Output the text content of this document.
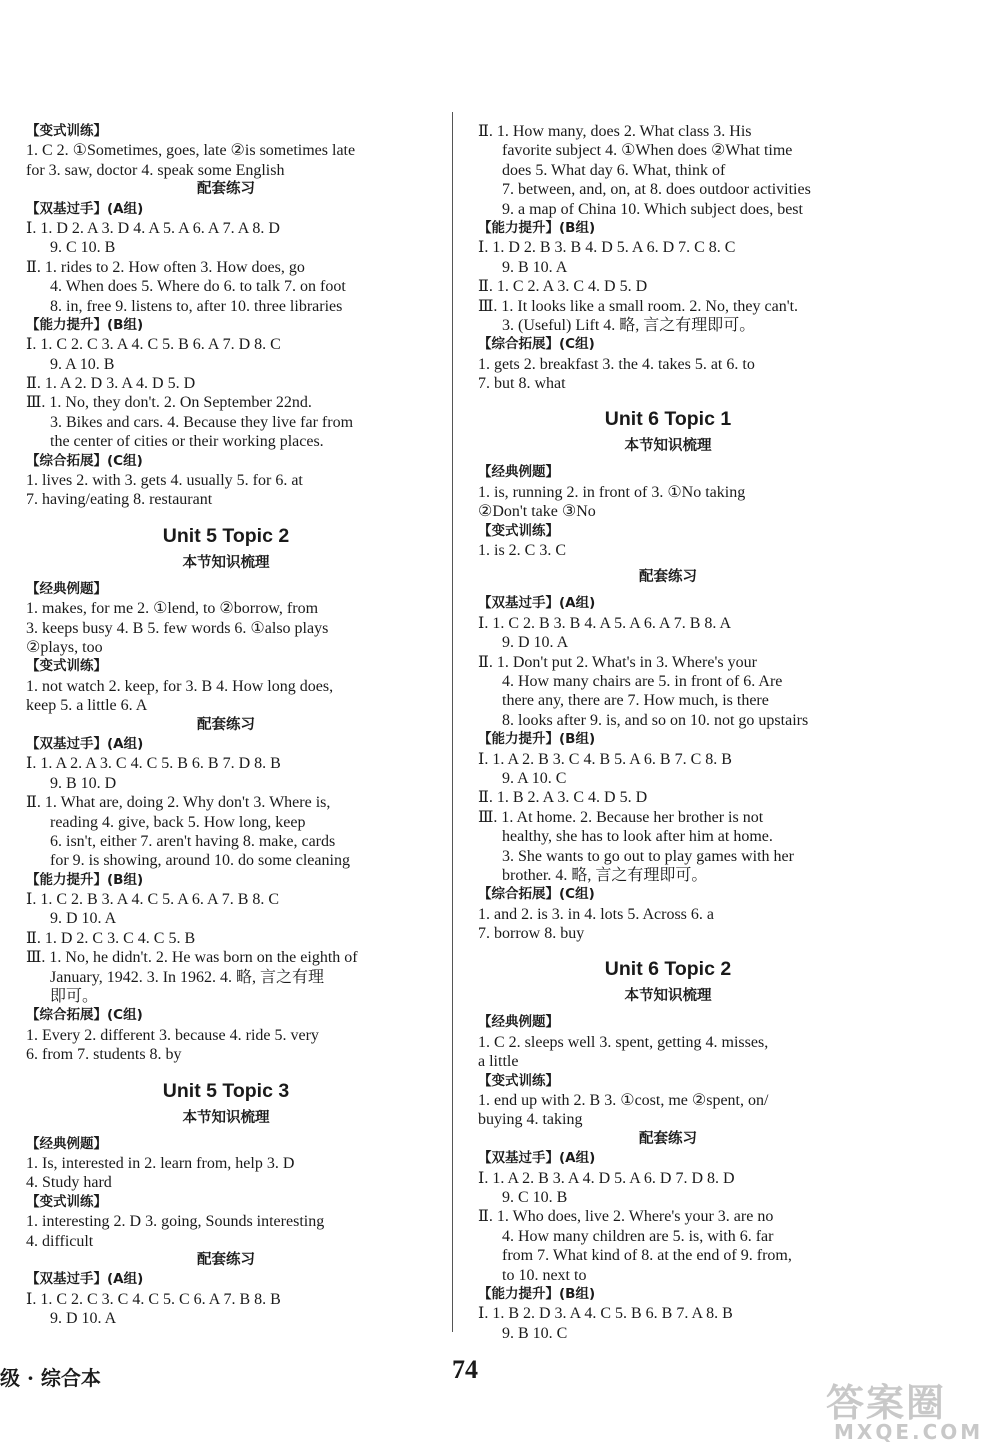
【变式训练】
1. C 2. ①Sometimes, goes, late ②is sometimes late
for 3. saw, doctor 4. speak some English
配套练习
【双基过手】(A组)
Ⅰ. 1. D 2. A 3. D 4. A 5. A 6. A 7. A 8. D
9. C 10. B
Ⅱ. 1. rides to 2. How often 3. How does, go
4. When does 5. Where do 6. to talk 7. on foot
8. in, free 9. listens to, after 10. three libraries
【能力提升】(B组)
Ⅰ. 1. C 2. C 3. A 4. C 5. B 6. A 7. D 8. C
9. A 10. B
Ⅱ. 1. A 2. D 3. A 4. D 5. D
Ⅲ. 1. No, they don't. 2. On September 22nd.
3. Bikes and cars. 4. Because they live far from
the center of cities or their working places.
【综合拓展】(C组)
1. lives 2. with 3. gets 4. usually 5. for 6. at
7. having/eating 8. restaurant
Unit 5 Topic 2
本节知识梳理
【经典例题】
1. makes, for me 2. ①lend, to ②borrow, from
3. keeps busy 4. B 5. few words 6. ①also plays
②plays, too
【变式训练】
1. not watch 2. keep, for 3. B 4. How long does,
keep 5. a little 6. A
配套练习
【双基过手】(A组)
Ⅰ. 1. A 2. A 3. C 4. C 5. B 6. B 7. D 8. B
9. B 10. D
Ⅱ. 1. What are, doing 2. Why don't 3. Where is,
reading 4. give, back 5. How long, keep
6. isn't, either 7. aren't having 8. make, cards
for 9. is showing, around 10. do some cleaning
【能力提升】(B组)
Ⅰ. 1. C 2. B 3. A 4. C 5. A 6. A 7. B 8. C
9. D 10. A
Ⅱ. 1. D 2. C 3. C 4. C 5. B
Ⅲ. 1. No, he didn't. 2. He was born on the eighth of
January, 1942. 3. In 1962. 4. 略, 言之有理
即可。
【综合拓展】(C组)
1. Every 2. different 3. because 4. ride 5. very
6. from 7. students 8. by
Unit 5 Topic 3
本节知识梳理
【经典例题】
1. Is, interested in 2. learn from, help 3. D
4. Study hard
【变式训练】
1. interesting 2. D 3. going, Sounds interesting
4. difficult
配套练习
【双基过手】(A组)
Ⅰ. 1. C 2. C 3. C 4. C 5. C 6. A 7. B 8. B
9. D 10. A
Ⅱ. 1. How many, does 2. What class 3. His
favorite subject 4. ①When does ②What time
does 5. What day 6. What, think of
7. between, and, on, at 8. does outdoor activities
9. a map of China 10. Which subject does, best
【能力提升】(B组)
Ⅰ. 1. D 2. B 3. B 4. D 5. A 6. D 7. C 8. C
9. B 10. A
Ⅱ. 1. C 2. A 3. C 4. D 5. D
Ⅲ. 1. It looks like a small room. 2. No, they can't.
3. (Useful) Lift 4. 略, 言之有理即可。
【综合拓展】(C组)
1. gets 2. breakfast 3. the 4. takes 5. at 6. to
7. but 8. what
Unit 6 Topic 1
本节知识梳理
【经典例题】
1. is, running 2. in front of 3. ①No taking
②Don't take ③No
【变式训练】
1. is 2. C 3. C
配套练习
【双基过手】(A组)
Ⅰ. 1. C 2. B 3. B 4. A 5. A 6. A 7. B 8. A
9. D 10. A
Ⅱ. 1. Don't put 2. What's in 3. Where's your
4. How many chairs are 5. in front of 6. Are
there any, there are 7. How much, is there
8. looks after 9. is, and so on 10. not go upstairs
【能力提升】(B组)
Ⅰ. 1. A 2. B 3. C 4. B 5. A 6. B 7. C 8. B
9. A 10. C
Ⅱ. 1. B 2. A 3. C 4. D 5. D
Ⅲ. 1. At home. 2. Because her brother is not
healthy, she has to look after him at home.
3. She wants to go out to play games with her
brother. 4. 略, 言之有理即可。
【综合拓展】(C组)
1. and 2. is 3. in 4. lots 5. Across 6. a
7. borrow 8. buy
Unit 6 Topic 2
本节知识梳理
【经典例题】
1. C 2. sleeps well 3. spent, getting 4. misses,
a little
【变式训练】
1. end up with 2. B 3. ①cost, me ②spent, on/
buying 4. taking
配套练习
【双基过手】(A组)
Ⅰ. 1. A 2. B 3. A 4. D 5. A 6. D 7. D 8. D
9. C 10. B
Ⅱ. 1. Who does, live 2. Where's your 3. are no
4. How many children are 5. is, with 6. far
from 7. What kind of 8. at the end of 9. from,
to 10. next to
【能力提升】(B组)
Ⅰ. 1. B 2. D 3. A 4. C 5. B 6. B 7. A 8. B
9. B 10. C
级 · 综合本	74
答案圈
MXQE.COM
